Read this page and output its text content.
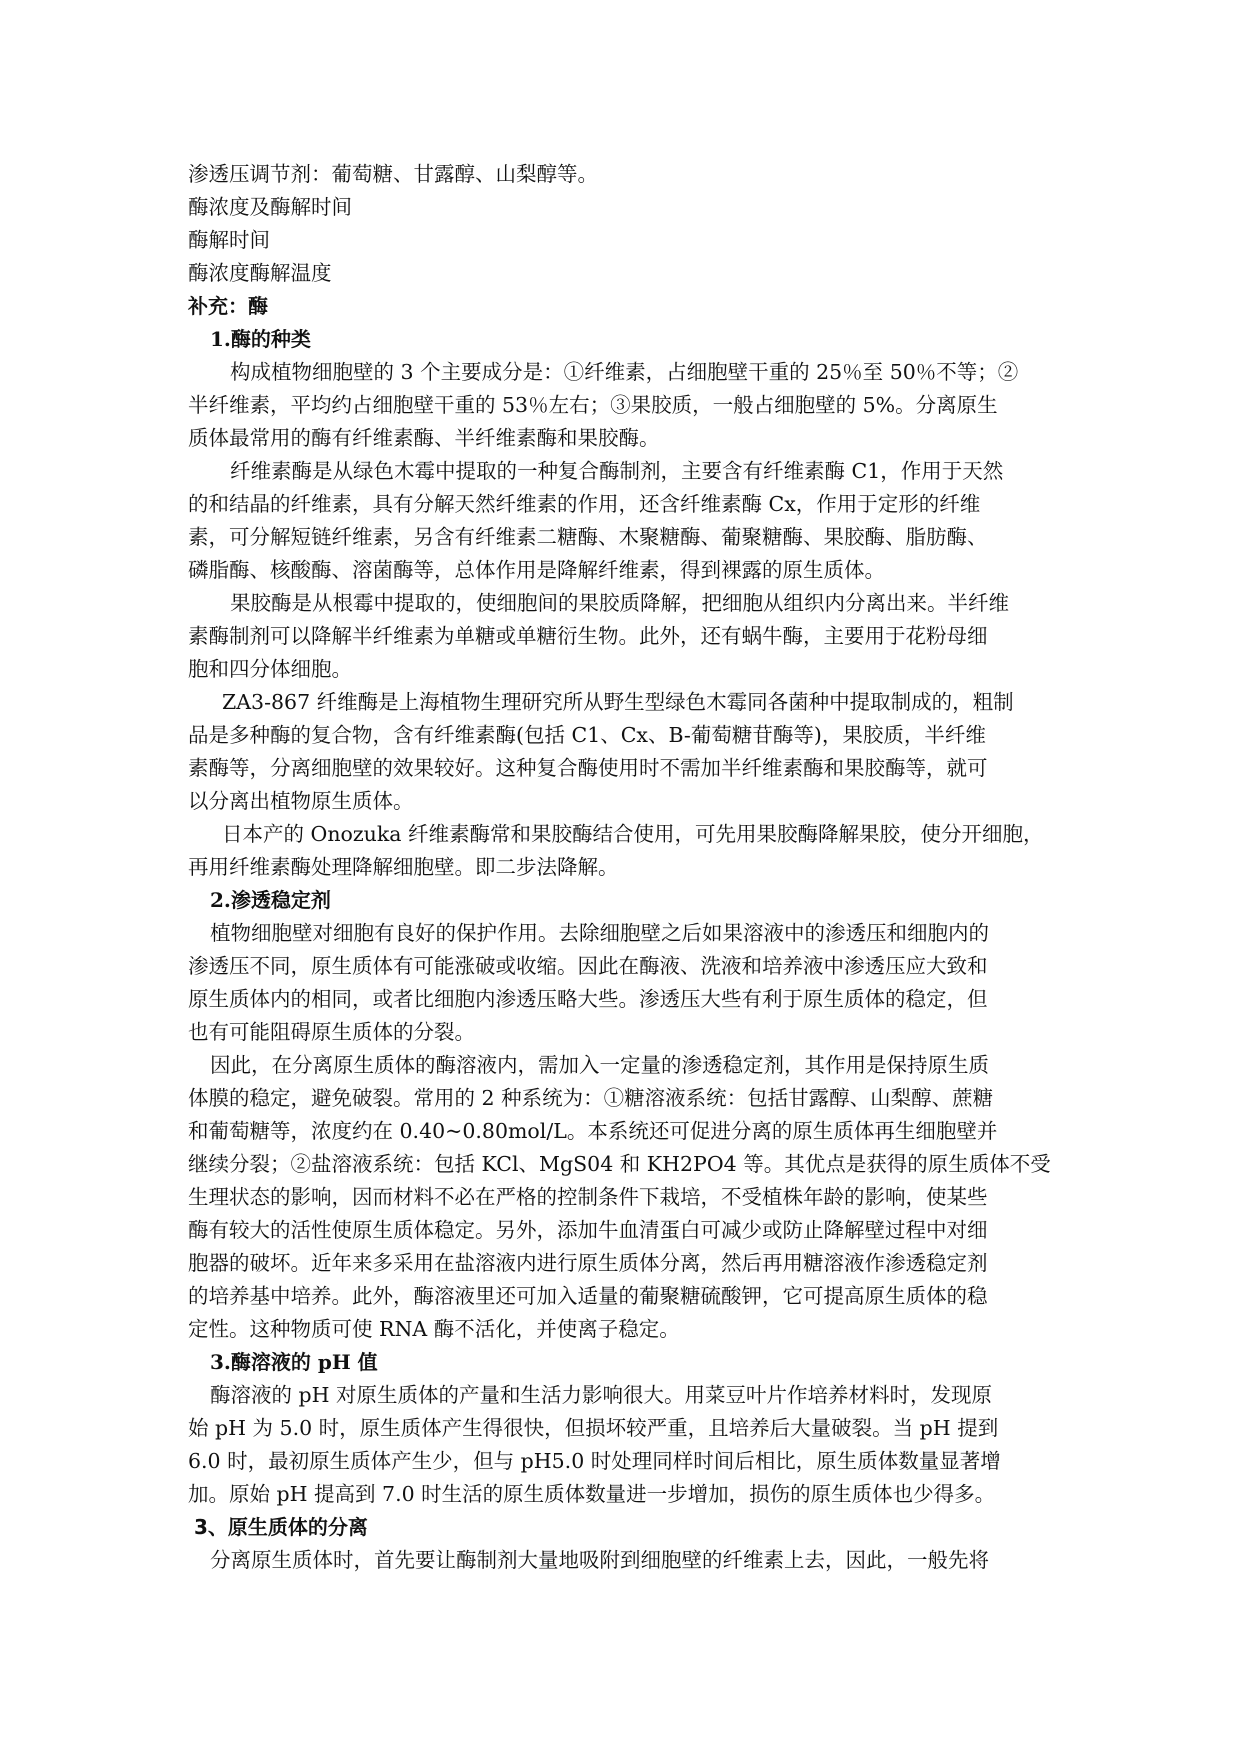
渗透压调节剂：葡萄糖、甘露醇、山梨醇等。
酶浓度及酶解时间
酶解时间
酶浓度酶解温度
补充：酶
1.酶的种类
构成植物细胞壁的 3 个主要成分是：①纤维素，占细胞壁干重的 25％至 50％不等；②
半纤维素，平均约占细胞壁干重的 53％左右；③果胶质，一般占细胞壁的 5%。分离原生
质体最常用的酶有纤维素酶、半纤维素酶和果胶酶。
纤维素酶是从绿色木霉中提取的一种复合酶制剂，主要含有纤维素酶 C1，作用于天然
的和结晶的纤维素，具有分解天然纤维素的作用，还含纤维素酶 Cx，作用于定形的纤维
素，可分解短链纤维素，另含有纤维素二糖酶、木聚糖酶、葡聚糖酶、果胶酶、脂肪酶、
磷脂酶、核酸酶、溶菌酶等，总体作用是降解纤维素，得到裸露的原生质体。
果胶酶是从根霉中提取的，使细胞间的果胶质降解，把细胞从组织内分离出来。半纤维
素酶制剂可以降解半纤维素为单糖或单糖衍生物。此外，还有蜗牛酶，主要用于花粉母细
胞和四分体细胞。
ZA3-867 纤维酶是上海植物生理研究所从野生型绿色木霉同各菌种中提取制成的，粗制
品是多种酶的复合物，含有纤维素酶(包括 C1、Cx、B-葡萄糖苷酶等)，果胶质，半纤维
素酶等，分离细胞壁的效果较好。这种复合酶使用时不需加半纤维素酶和果胶酶等，就可
以分离出植物原生质体。
日本产的 Onozuka 纤维素酶常和果胶酶结合使用，可先用果胶酶降解果胶，使分开细胞，
再用纤维素酶处理降解细胞壁。即二步法降解。
2.渗透稳定剂
植物细胞壁对细胞有良好的保护作用。去除细胞壁之后如果溶液中的渗透压和细胞内的
渗透压不同，原生质体有可能涨破或收缩。因此在酶液、洗液和培养液中渗透压应大致和
原生质体内的相同，或者比细胞内渗透压略大些。渗透压大些有利于原生质体的稳定，但
也有可能阻碍原生质体的分裂。
因此，在分离原生质体的酶溶液内，需加入一定量的渗透稳定剂，其作用是保持原生质
体膜的稳定，避免破裂。常用的 2 种系统为：①糖溶液系统：包括甘露醇、山梨醇、蔗糖
和葡萄糖等，浓度约在 0.40~0.80mol/L。本系统还可促进分离的原生质体再生细胞壁并
继续分裂；②盐溶液系统：包括 KCl、MgS04 和 KH2PO4 等。其优点是获得的原生质体不受
生理状态的影响，因而材料不必在严格的控制条件下栽培，不受植株年龄的影响，使某些
酶有较大的活性使原生质体稳定。另外，添加牛血清蛋白可减少或防止降解壁过程中对细
胞器的破坏。近年来多采用在盐溶液内进行原生质体分离，然后再用糖溶液作渗透稳定剂
的培养基中培养。此外，酶溶液里还可加入适量的葡聚糖硫酸钾，它可提高原生质体的稳
定性。这种物质可使 RNA 酶不活化，并使离子稳定。
3.酶溶液的 pH 值
酶溶液的 pH 对原生质体的产量和生活力影响很大。用菜豆叶片作培养材料时，发现原
始 pH 为 5.0 时，原生质体产生得很快，但损坏较严重，且培养后大量破裂。当 pH 提到
6.0 时，最初原生质体产生少，但与 pH5.0 时处理同样时间后相比，原生质体数量显著增
加。原始 pH 提高到 7.0 时生活的原生质体数量进一步增加，损伤的原生质体也少得多。
3、原生质体的分离
分离原生质体时，首先要让酶制剂大量地吸附到细胞壁的纤维素上去，因此，一般先将
